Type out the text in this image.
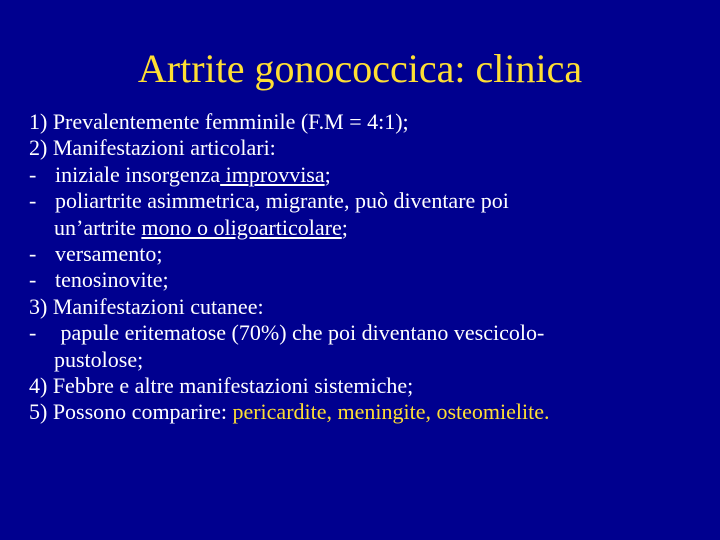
Artrite gonococcica: clinica
1) Prevalentemente femminile (F.M = 4:1);
2) Manifestazioni articolari:
- iniziale insorgenza improvvisa;
- poliartrite asimmetrica, migrante, può diventare poi
un’artrite mono o oligoarticolare;
- versamento;
- tenosinovite;
3) Manifestazioni cutanee:
- papule eritematose (70%) che poi diventano vescicolo-
pustolose;
4) Febbre e altre manifestazioni sistemiche;
5) Possono comparire: pericardite, meningite, osteomielite.
